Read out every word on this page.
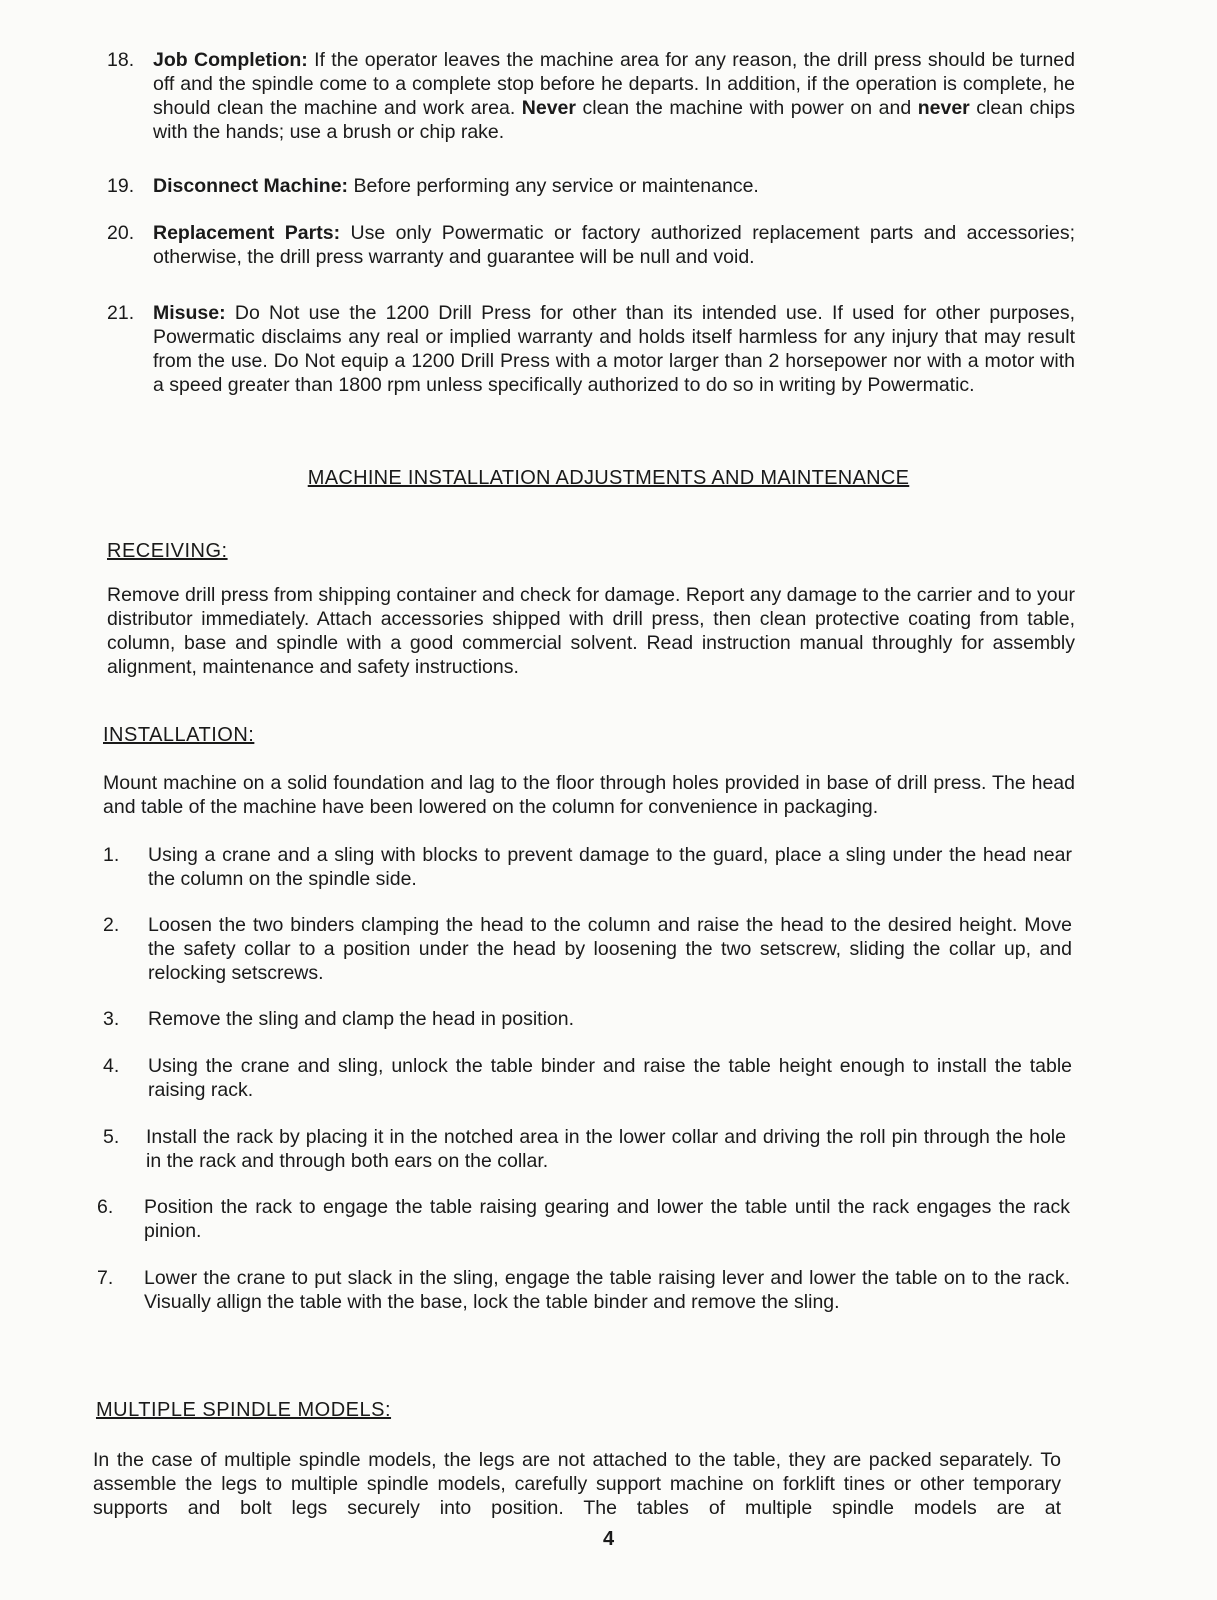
18. Job Completion: If the operator leaves the machine area for any reason, the drill press should be turned off and the spindle come to a complete stop before he departs. In addition, if the operation is complete, he should clean the machine and work area. Never clean the machine with power on and never clean chips with the hands; use a brush or chip rake.
19. Disconnect Machine: Before performing any service or maintenance.
20. Replacement Parts: Use only Powermatic or factory authorized replacement parts and accessories; otherwise, the drill press warranty and guarantee will be null and void.
21. Misuse: Do Not use the 1200 Drill Press for other than its intended use. If used for other purposes, Powermatic disclaims any real or implied warranty and holds itself harmless for any injury that may result from the use. Do Not equip a 1200 Drill Press with a motor larger than 2 horsepower nor with a motor with a speed greater than 1800 rpm unless specifically authorized to do so in writing by Powermatic.
MACHINE INSTALLATION ADJUSTMENTS AND MAINTENANCE
RECEIVING:
Remove drill press from shipping container and check for damage. Report any damage to the carrier and to your distributor immediately. Attach accessories shipped with drill press, then clean protective coating from table, column, base and spindle with a good commercial solvent. Read instruction manual throughly for assembly alignment, maintenance and safety instructions.
INSTALLATION:
Mount machine on a solid foundation and lag to the floor through holes provided in base of drill press. The head and table of the machine have been lowered on the column for convenience in packaging.
1. Using a crane and a sling with blocks to prevent damage to the guard, place a sling under the head near the column on the spindle side.
2. Loosen the two binders clamping the head to the column and raise the head to the desired height. Move the safety collar to a position under the head by loosening the two setscrew, sliding the collar up, and relocking setscrews.
3. Remove the sling and clamp the head in position.
4. Using the crane and sling, unlock the table binder and raise the table height enough to install the table raising rack.
5. Install the rack by placing it in the notched area in the lower collar and driving the roll pin through the hole in the rack and through both ears on the collar.
6. Position the rack to engage the table raising gearing and lower the table until the rack engages the rack pinion.
7. Lower the crane to put slack in the sling, engage the table raising lever and lower the table on to the rack. Visually allign the table with the base, lock the table binder and remove the sling.
MULTIPLE SPINDLE MODELS:
In the case of multiple spindle models, the legs are not attached to the table, they are packed separately. To assemble the legs to multiple spindle models, carefully support machine on forklift tines or other temporary supports and bolt legs securely into position. The tables of multiple spindle models are at
4
